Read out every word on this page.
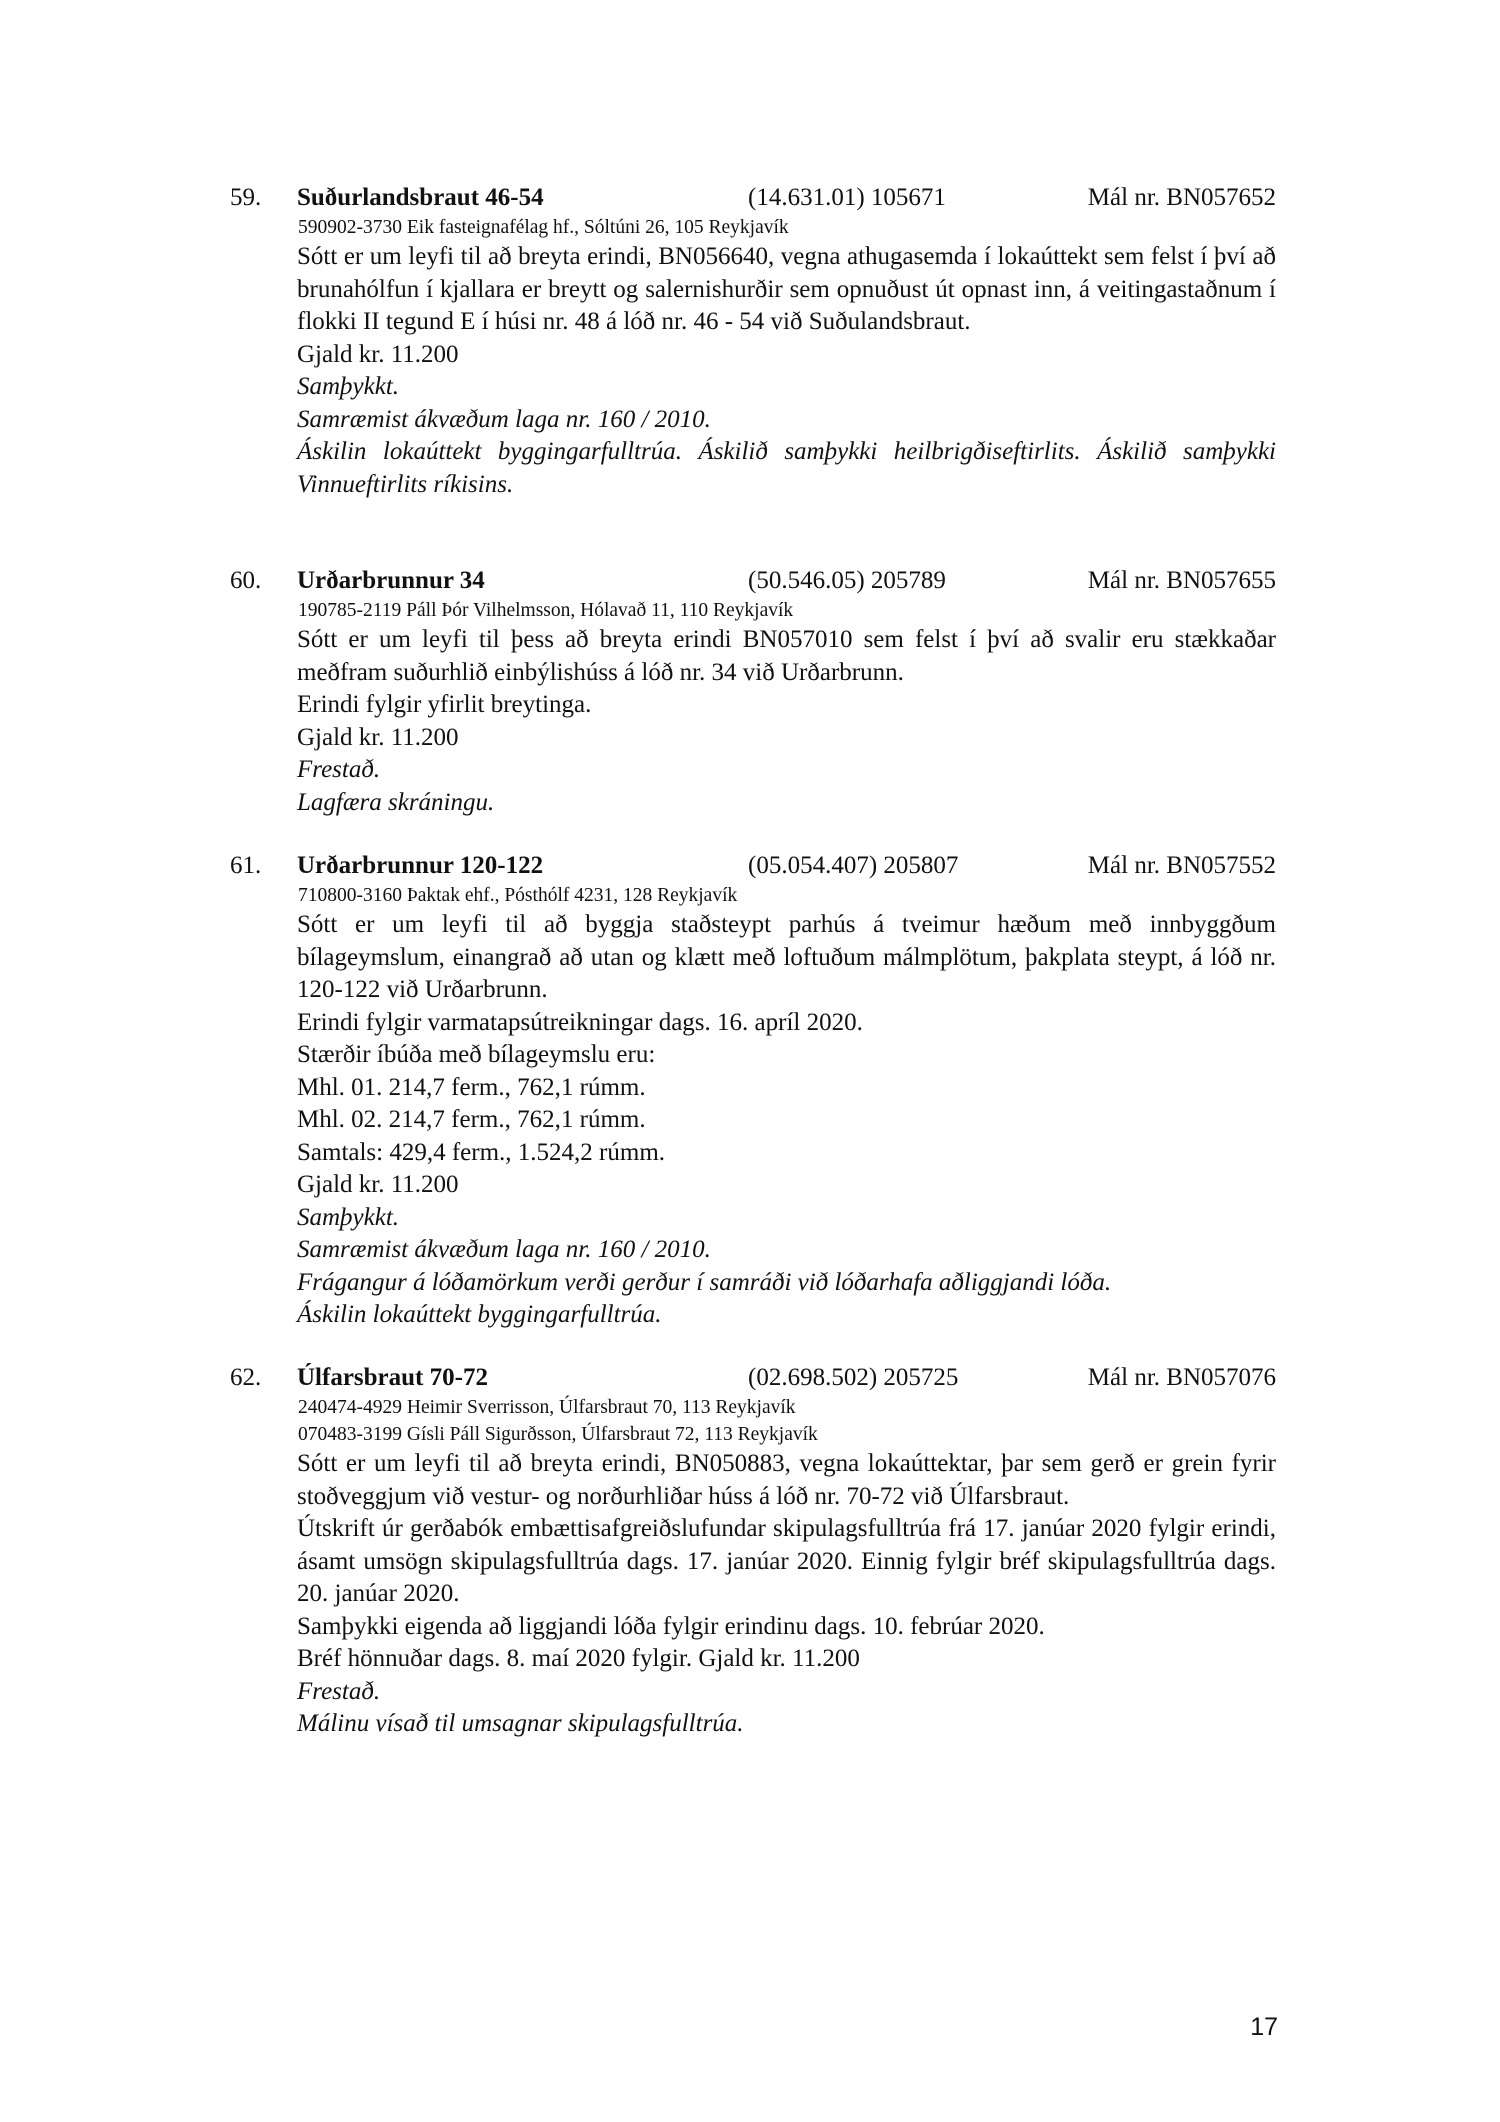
59. Suðurlandsbraut 46-54	(14.631.01) 105671	Mál nr. BN057652
590902-3730 Eik fasteignafélag hf., Sóltúni 26, 105 Reykjavík
Sótt er um leyfi til að breyta erindi, BN056640, vegna athugasemda í lokaúttekt sem felst í því að brunahólfun í kjallara er breytt og salernishurðir sem opnuðust út opnast inn, á veitingastaðnum í flokki II tegund E í húsi nr. 48 á lóð nr. 46 - 54 við Suðulandsbraut.
Gjald kr. 11.200
Samþykkt.
Samræmist ákvæðum laga nr. 160 / 2010.
Áskilin lokaúttekt byggingarfulltrúa. Áskilið samþykki heilbrigðiseftirlits. Áskilið samþykki Vinnueftirlits ríkisins.
60. Urðarbrunnur 34	(50.546.05) 205789	Mál nr. BN057655
190785-2119 Páll Þór Vilhelmsson, Hólavað 11, 110 Reykjavík
Sótt er um leyfi til þess að breyta erindi BN057010 sem felst í því að svalir eru stækkaðar meðfram suðurhlið einbýlishúss á lóð nr. 34 við Urðarbrunn.
Erindi fylgir yfirlit breytinga.
Gjald kr. 11.200
Frestað.
Lagfæra skráningu.
61. Urðarbrunnur 120-122	(05.054.407) 205807	Mál nr. BN057552
710800-3160 Þaktak ehf., Pósthólf 4231, 128 Reykjavík
Sótt er um leyfi til að byggja staðsteypt parhús á tveimur hæðum með innbyggðum bílageymslum, einangrað að utan og klætt með loftuðum málmplötum, þakplata steypt, á lóð nr. 120-122 við Urðarbrunn.
Erindi fylgir varmatapsútreikningar dags. 16. apríl 2020.
Stærðir íbúða með bílageymslu eru:
Mhl. 01. 214,7 ferm., 762,1 rúmm.
Mhl. 02. 214,7 ferm., 762,1 rúmm.
Samtals: 429,4 ferm., 1.524,2 rúmm.
Gjald kr. 11.200
Samþykkt.
Samræmist ákvæðum laga nr. 160 / 2010.
Frágangur á lóðamörkum verði gerður í samráði við lóðarhafa aðliggjandi lóða.
Áskilin lokaúttekt byggingarfulltrúa.
62. Úlfarsbraut 70-72	(02.698.502) 205725	Mál nr. BN057076
240474-4929 Heimir Sverrisson, Úlfarsbraut 70, 113 Reykjavík
070483-3199 Gísli Páll Sigurðsson, Úlfarsbraut 72, 113 Reykjavík
Sótt er um leyfi til að breyta erindi, BN050883, vegna lokaúttektar, þar sem gerð er grein fyrir stoðveggjum við vestur- og norðurhliðar húss á lóð nr. 70-72 við Úlfarsbraut.
Útskrift úr gerðabók embættisafgreiðslufundar skipulagsfulltrúa frá 17. janúar 2020 fylgir erindi, ásamt umsögn skipulagsfulltrúa dags. 17. janúar 2020. Einnig fylgir bréf skipulagsfulltrúa dags. 20. janúar 2020.
Samþykki eigenda að liggjandi lóða fylgir erindinu dags. 10. febrúar 2020.
Bréf hönnuðar dags. 8. maí 2020 fylgir. Gjald kr. 11.200
Frestað.
Málinu vísað til umsagnar skipulagsfulltrúa.
17
